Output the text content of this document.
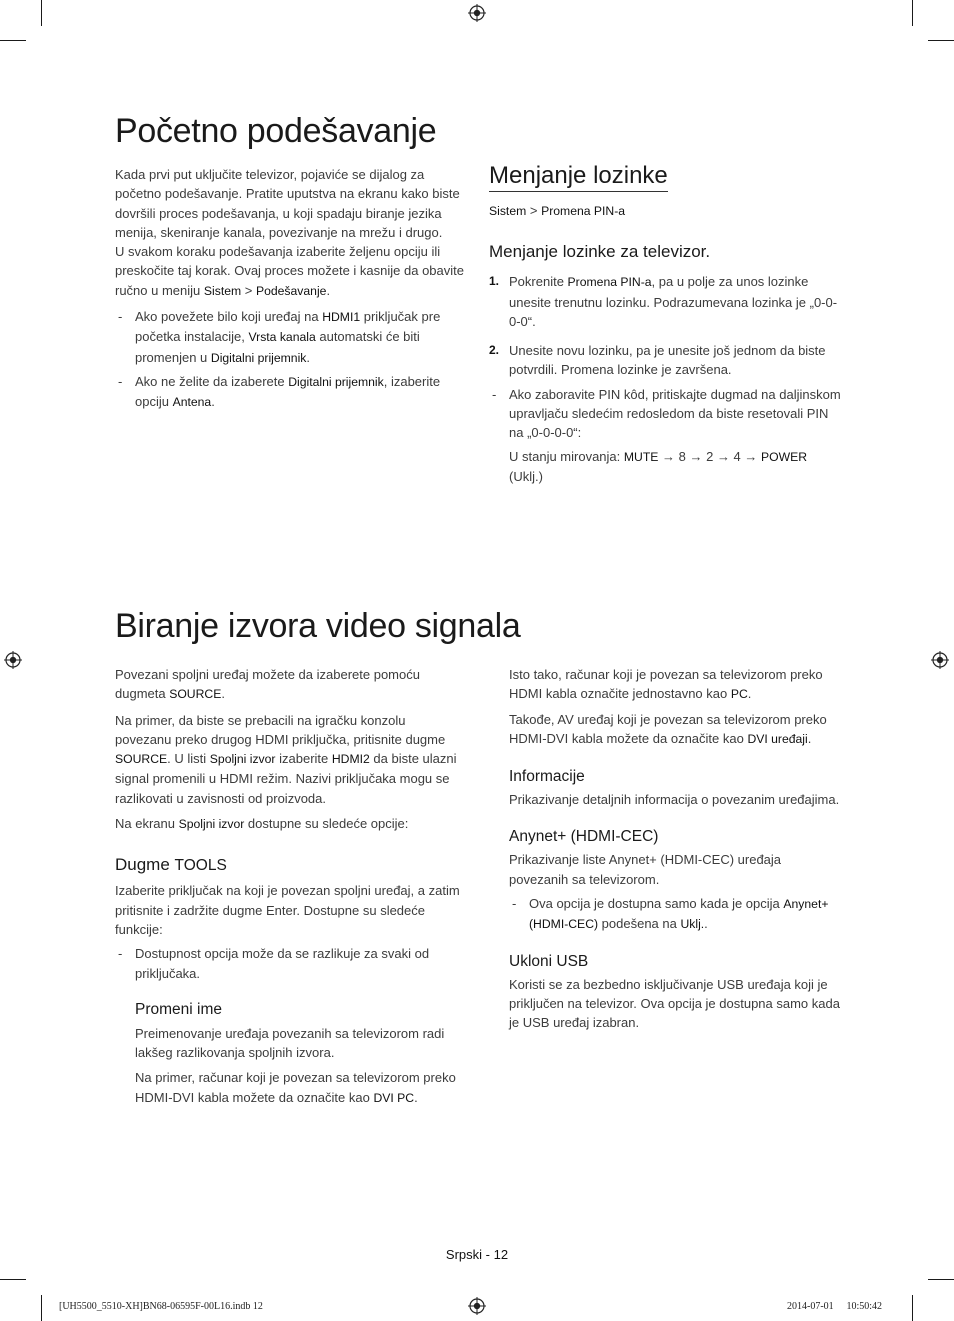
Početno podešavanje

Kada prvi put uključite televizor, pojaviće se dijalog za početno podešavanje. Pratite uputstva na ekranu kako biste dovršili proces podešavanja, u koji spadaju biranje jezika menija, skeniranje kanala, povezivanje na mrežu i drugo.
U svakom koraku podešavanja izaberite željenu opciju ili preskočite taj korak. Ovaj proces možete i kasnije da obavite ručno u meniju Sistem > Podešavanje.

- Ako povežete bilo koji uređaj na HDMI1 priključak pre početka instalacije, Vrsta kanala automatski će biti promenjen u Digitalni prijemnik.

- Ako ne želite da izaberete Digitalni prijemnik, izaberite opciju Antena.

Menjanje lozinke

Sistem > Promena PIN-a

Menjanje lozinke za televizor.

1. Pokrenite Promena PIN-a, pa u polje za unos lozinke unesite trenutnu lozinku. Podrazumevana lozinka je „0-0-0-0“.

2. Unesite novu lozinku, pa je unesite još jednom da biste potvrdili. Promena lozinke je završena.

- Ako zaboravite PIN kôd, pritiskajte dugmad na daljinskom upravljaču sledećim redosledom da biste resetovali PIN na „0-0-0-0“:

U stanju mirovanja: MUTE → 8 → 2 → 4 → POWER (Uklj.)

Biranje izvora video signala

Povezani spoljni uređaj možete da izaberete pomoću dugmeta SOURCE.

Na primer, da biste se prebacili na igračku konzolu povezanu preko drugog HDMI priključka, pritisnite dugme SOURCE. U listi Spoljni izvor izaberite HDMI2 da biste ulazni signal promenili u HDMI režim. Nazivi priključaka mogu se razlikovati u zavisnosti od proizvoda.

Na ekranu Spoljni izvor dostupne su sledeće opcije:

Dugme TOOLS

Izaberite priključak na koji je povezan spoljni uređaj, a zatim pritisnite i zadržite dugme Enter. Dostupne su sledeće funkcije:

- Dostupnost opcija može da se razlikuje za svaki od priključaka.

Promeni ime

Preimenovanje uređaja povezanih sa televizorom radi lakšeg razlikovanja spoljnih izvora.

Na primer, računar koji je povezan sa televizorom preko HDMI-DVI kabla možete da označite kao DVI PC.

Isto tako, računar koji je povezan sa televizorom preko HDMI kabla označite jednostavno kao PC.

Takođe, AV uređaj koji je povezan sa televizorom preko HDMI-DVI kabla možete da označite kao DVI uređaji.

Informacije

Prikazivanje detaljnih informacija o povezanim uređajima.

Anynet+ (HDMI-CEC)

Prikazivanje liste Anynet+ (HDMI-CEC) uređaja povezanih sa televizorom.

- Ova opcija je dostupna samo kada je opcija Anynet+ (HDMI-CEC) podešena na Uklj..

Ukloni USB

Koristi se za bezbedno isključivanje USB uređaja koji je priključen na televizor. Ova opcija je dostupna samo kada je USB uređaj izabran.

Srpski - 12
[UH5500_5510-XH]BN68-06595F-00L16.indb 12	2014-07-01   10:50:42
